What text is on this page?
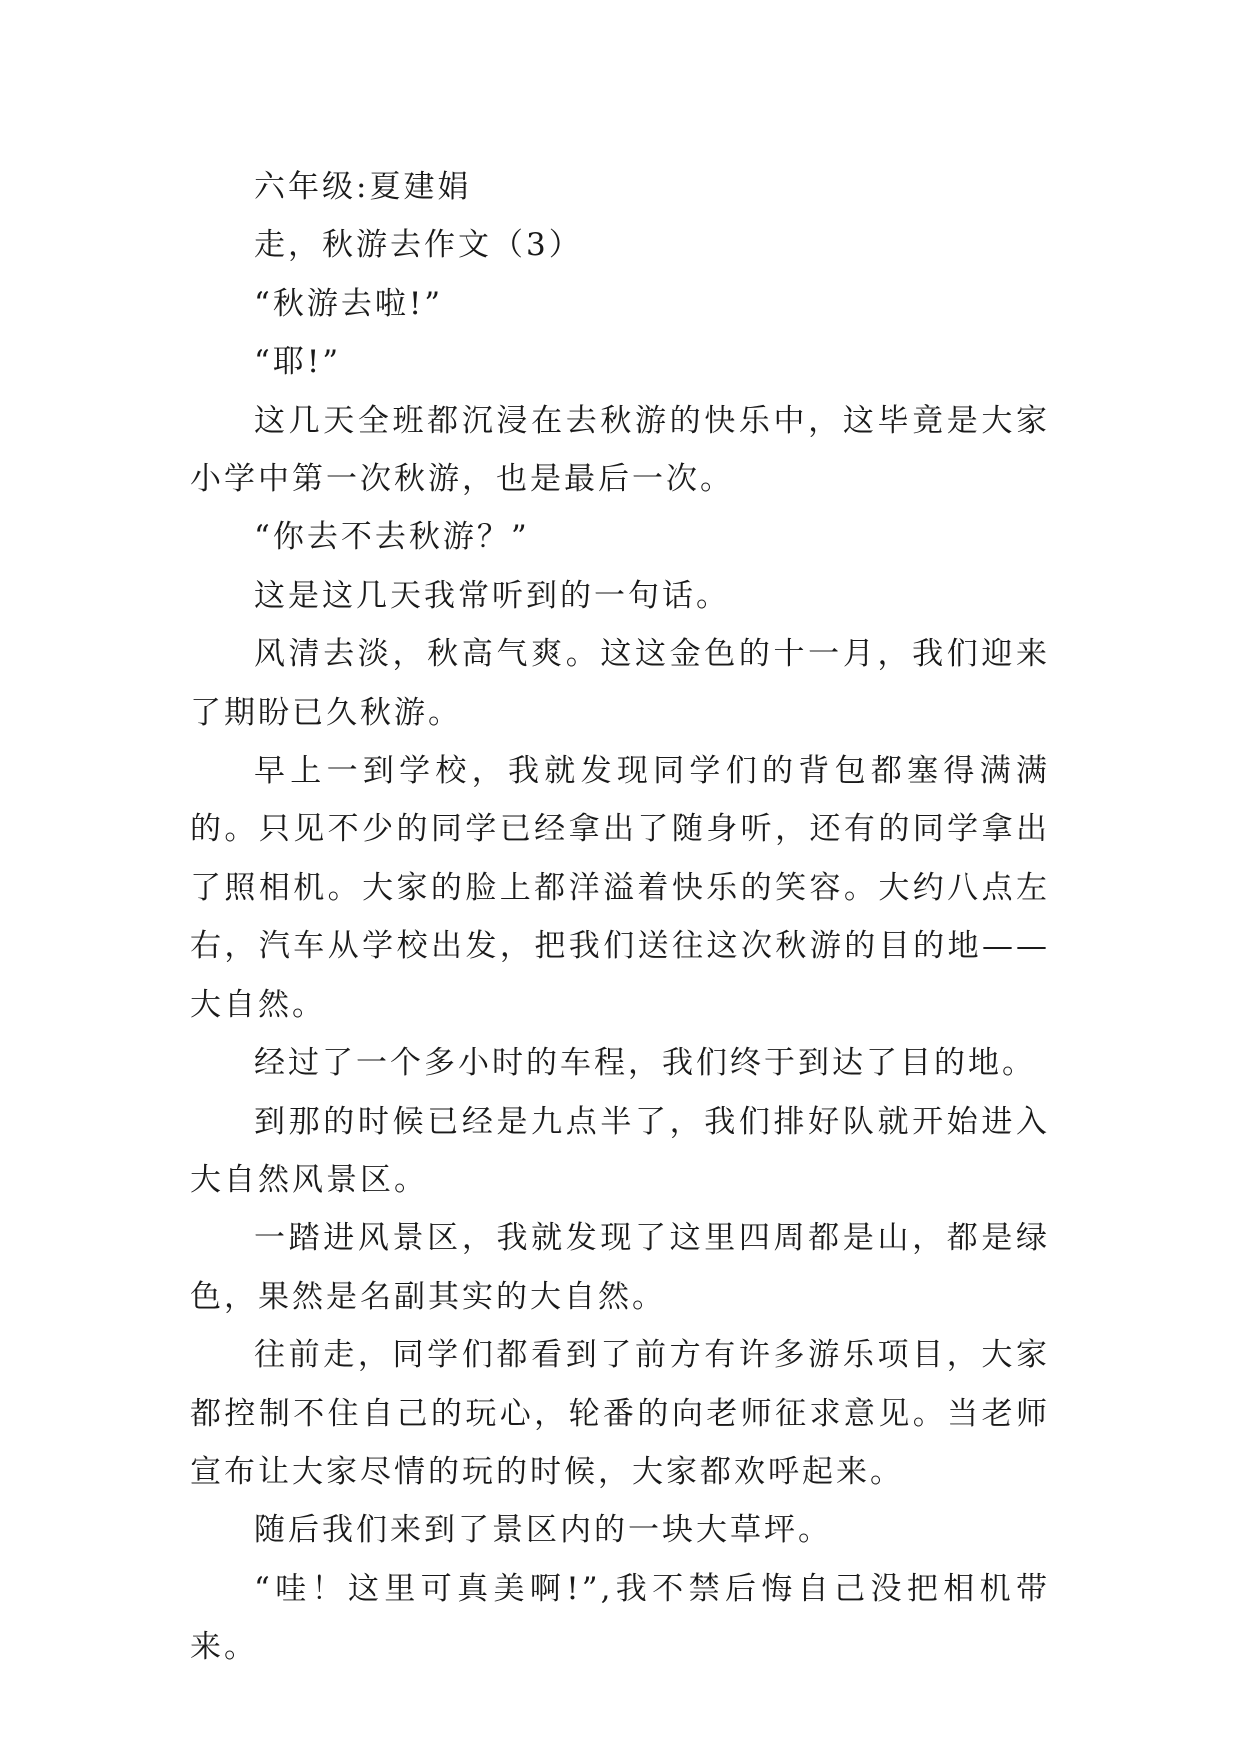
六年级:夏建娟

走，秋游去作文（3）

“秋游去啦!”

“耶!”

这几天全班都沉浸在去秋游的快乐中，这毕竟是大家小学中第一次秋游，也是最后一次。

“你去不去秋游？”

这是这几天我常听到的一句话。

风清去淡，秋高气爽。这这金色的十一月，我们迎来了期盼已久秋游。

早上一到学校，我就发现同学们的背包都塞得满满的。只见不少的同学已经拿出了随身听，还有的同学拿出了照相机。大家的脸上都洋溢着快乐的笑容。大约八点左右，汽车从学校出发，把我们送往这次秋游的目的地——大自然。

经过了一个多小时的车程，我们终于到达了目的地。

到那的时候已经是九点半了，我们排好队就开始进入大自然风景区。

一踏进风景区，我就发现了这里四周都是山，都是绿色，果然是名副其实的大自然。

往前走，同学们都看到了前方有许多游乐项目，大家都控制不住自己的玩心，轮番的向老师征求意见。当老师宣布让大家尽情的玩的时候，大家都欢呼起来。

随后我们来到了景区内的一块大草坪。

“哇！这里可真美啊!”,我不禁后悔自己没把相机带来。
